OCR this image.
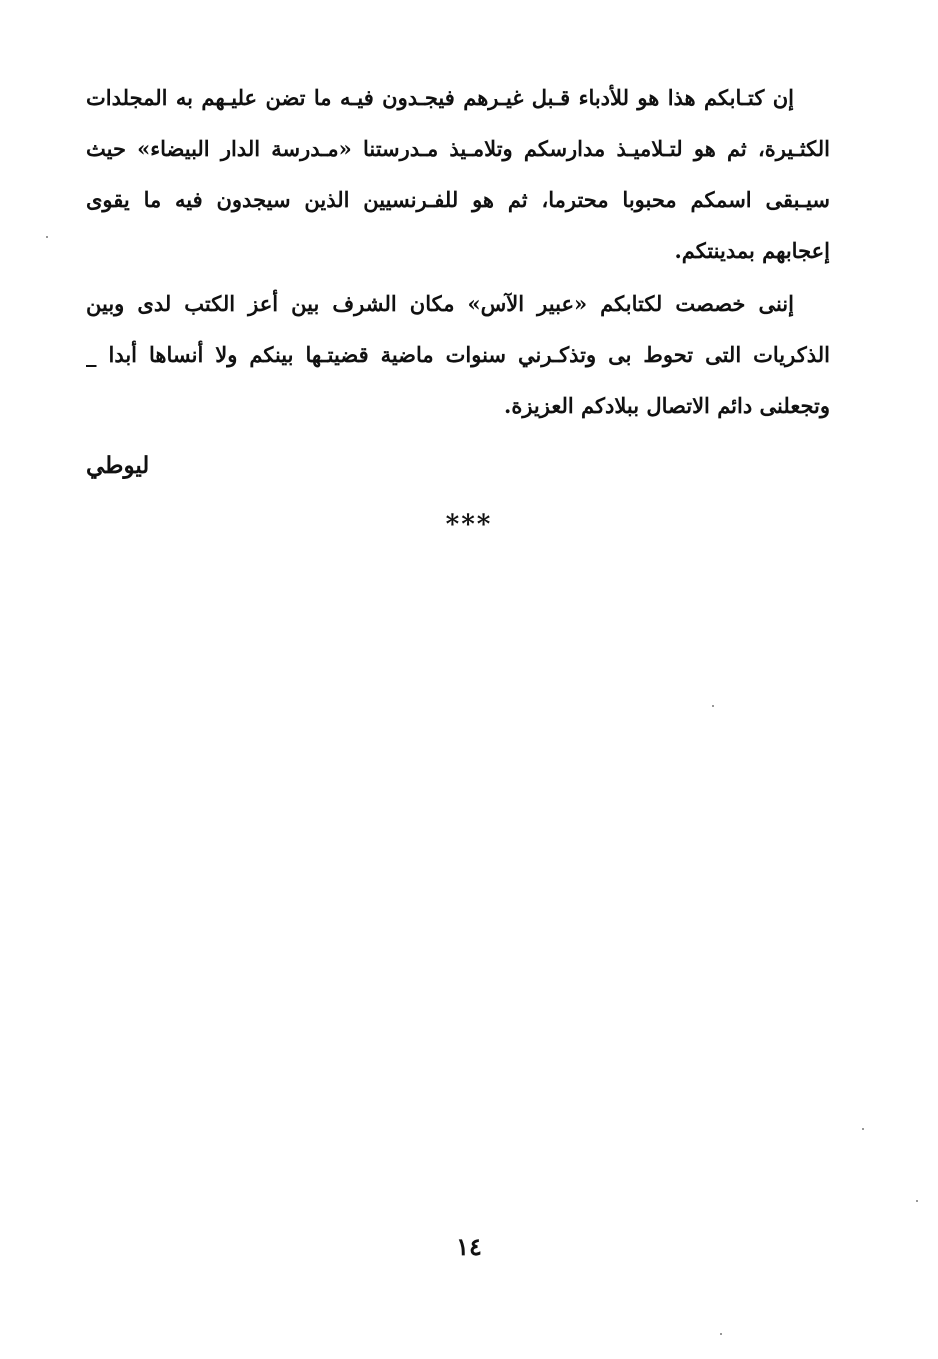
إن كتـابكم هذا هو للأدباء قـبل غيـرهم فيجـدون فيـه ما تضن عليـهم به المجلدات الكثـيرة، ثم هو لتـلاميـذ مدارسكم وتلامـيذ مـدرستنا «مـدرسة الدار البيضاء» حيث سيـبقى اسمكم محبوبا محترما، ثم هو للفـرنسيين الذين سيجدون فيه ما يقوى إعجابهم بمدينتكم.

إننى خصصت لكتابكم «عبير الآس» مكان الشرف بين أعز الكتب لدى وبين الذكريات التى تحوط بى وتذكـرني سنوات ماضية قضيتـها بينكم ولا أنساها أبدا _ وتجعلنى دائم الاتصال ببلادكم العزيزة.

ليوطي
***
١٤
